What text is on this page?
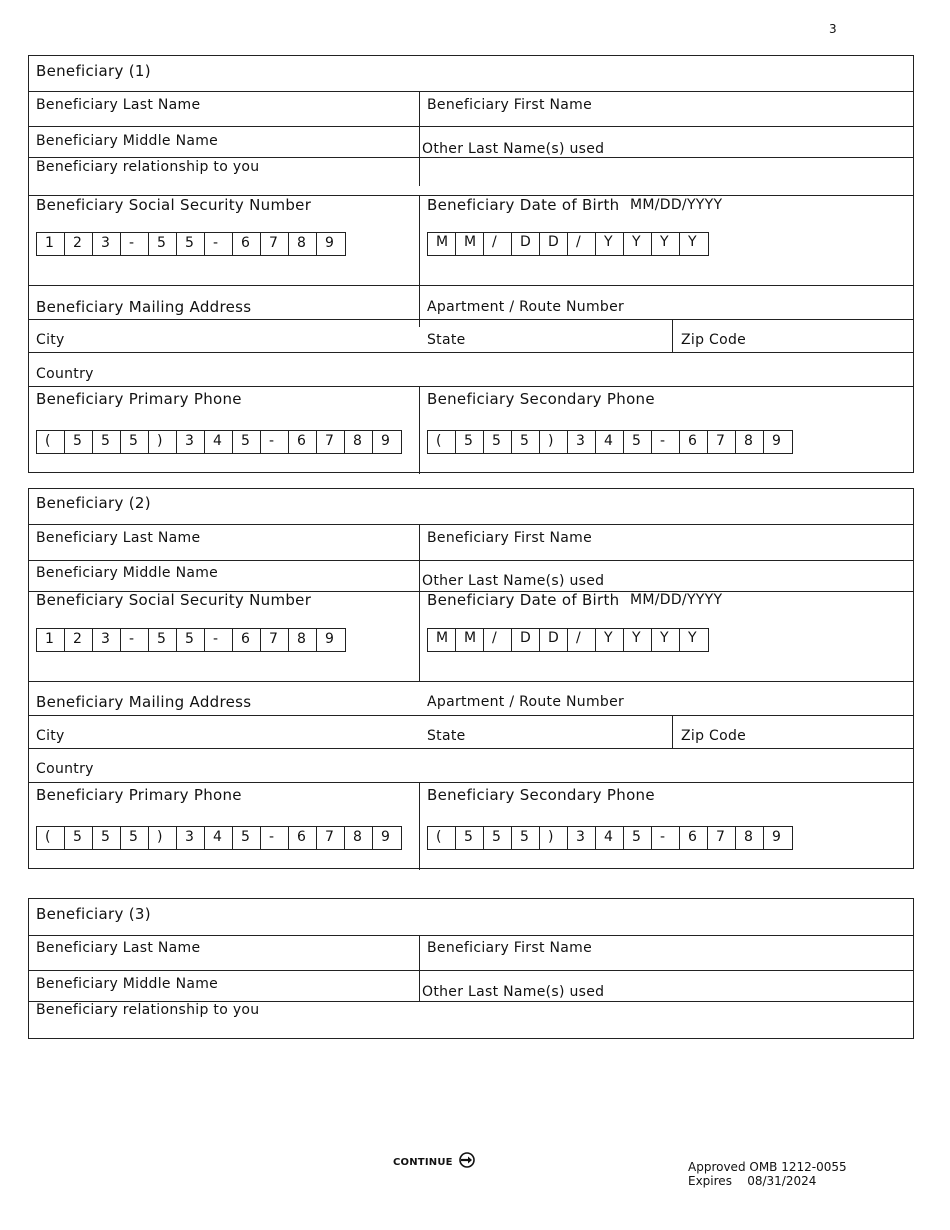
3
Beneficiary (1)
Beneficiary Last Name	Beneficiary First Name
Beneficiary Middle Name	Other Last Name(s) used
Beneficiary relationship to you
Beneficiary Social Security Number
1	2	3	-	5	5	-	6	7	8	9
Beneficiary Date of Birth MM/DD/YYYY
M	M	/	D	D	/	Y	Y	Y	Y
Beneficiary Mailing Address	Apartment / Route Number
City	State	Zip Code
Country
Beneficiary Primary Phone
(	5	5	5	)	3	4	5	-	6	7	8	9
Beneficiary Secondary Phone
(	5	5	5	)	3	4	5	-	6	7	8	9
Beneficiary (2)
Beneficiary Last Name	Beneficiary First Name
Beneficiary Middle Name	Other Last Name(s) used
Beneficiary Social Security Number
1	2	3	-	5	5	-	6	7	8	9
Beneficiary Date of Birth MM/DD/YYYY
M	M	/	D	D	/	Y	Y	Y	Y
Beneficiary Mailing Address	Apartment / Route Number
City	State	Zip Code
Country
Beneficiary Primary Phone
(	5	5	5	)	3	4	5	-	6	7	8	9
Beneficiary Secondary Phone
(	5	5	5	)	3	4	5	-	6	7	8	9
Beneficiary (3)
Beneficiary Last Name	Beneficiary First Name
Beneficiary Middle Name	Other Last Name(s) used
Beneficiary relationship to you
CONTINUE	Approved OMB 1212-0055
Expires 08/31/2024
